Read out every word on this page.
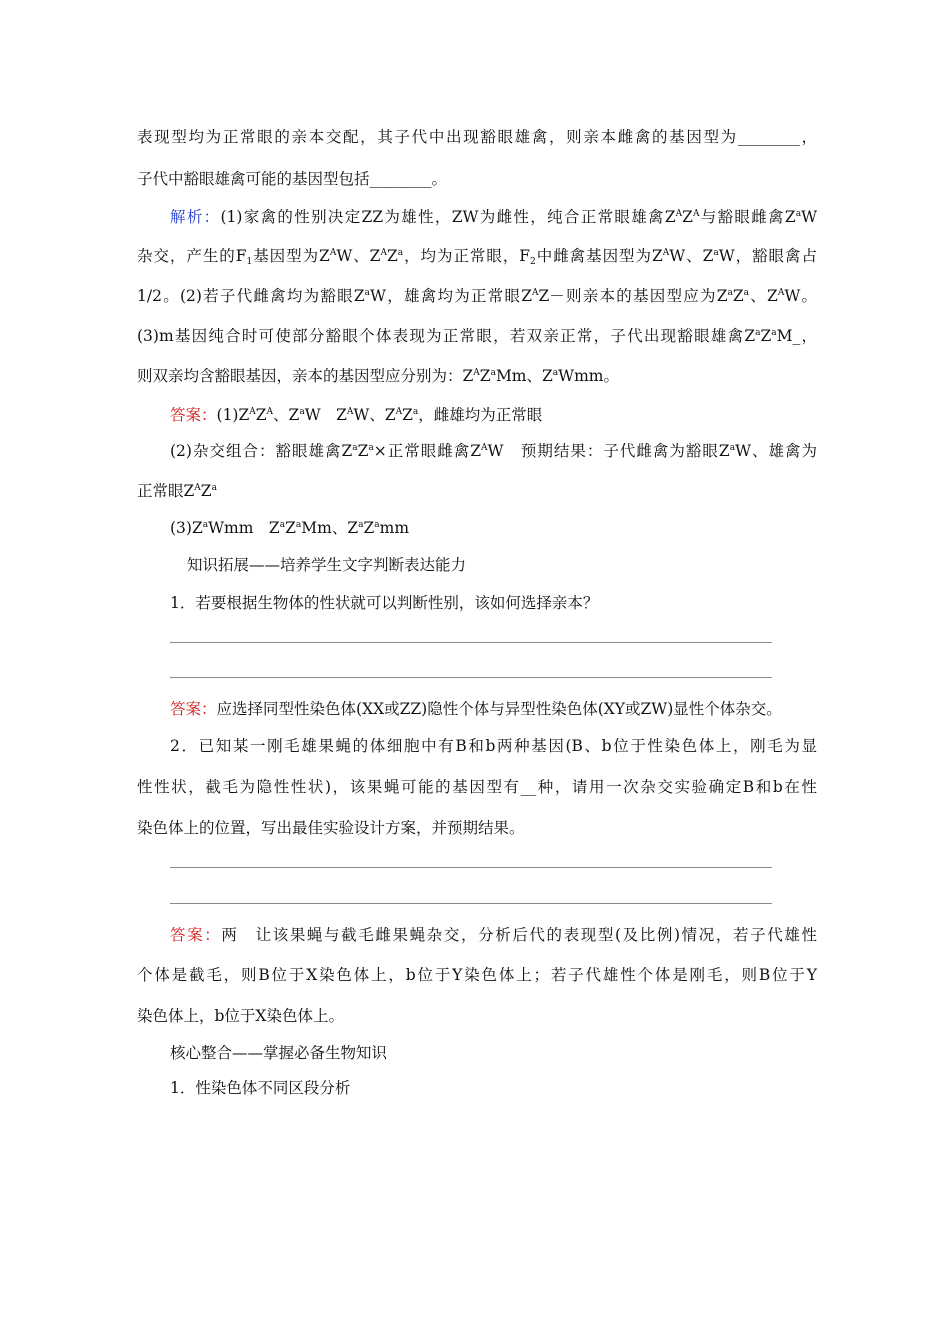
表现型均为正常眼的亲本交配，其子代中出现豁眼雄禽，则亲本雌禽的基因型为________，
子代中豁眼雄禽可能的基因型包括________。
解析：(1)家禽的性别决定ZZ为雄性，ZW为雌性，纯合正常眼雄禽$Z^AZ^A$与豁眼雌禽$Z^aW$
杂交，产生的$F_1$基因型为$Z^AW$、$Z^AZ^a$，均为正常眼，$F_2$中雌禽基因型为$Z^AW$、$Z^aW$，豁眼禽占
1/2。(2)若子代雌禽均为豁眼$Z^aW$，雄禽均为正常眼$Z^AZ-$则亲本的基因型应为$Z^aZ^a$、$Z^AW$。
(3)m基因纯合时可使部分豁眼个体表现为正常眼，若双亲正常，子代出现豁眼雄禽$Z^aZ^aM\_$，
则双亲均含豁眼基因，亲本的基因型应分别为：$Z^AZ^aMm$、$Z^aWmm$。
答案：$(1)Z^AZ^A$、$Z^aW$　$Z^AW$、$Z^AZ^a$，雌雄均为正常眼
(2)杂交组合：豁眼雄禽$Z^aZ^a\times$正常眼雌禽$Z^AW$　预期结果：子代雌禽为豁眼$Z^aW$、雄禽为
正常眼$Z^AZ^a$
$(3)Z^aWmm$　$Z^aZ^aMm$、$Z^aZ^amm$
知识拓展——培养学生文字判断表达能力
1．若要根据生物体的性状就可以判断性别，该如何选择亲本？
答案：应选择同型性染色体(XX或ZZ)隐性个体与异型性染色体(XY或ZW)显性个体杂交。
2．已知某一刚毛雄果蝇的体细胞中有B和b两种基因(B、b位于性染色体上，刚毛为显
性性状，截毛为隐性性状)，该果蝇可能的基因型有__种，请用一次杂交实验确定B和b在性
染色体上的位置，写出最佳实验设计方案，并预期结果。
答案：两　让该果蝇与截毛雌果蝇杂交，分析后代的表现型(及比例)情况，若子代雄性
个体是截毛，则B位于X染色体上，b位于Y染色体上；若子代雄性个体是刚毛，则B位于Y
染色体上，b位于X染色体上。
核心整合——掌握必备生物知识
1．性染色体不同区段分析
